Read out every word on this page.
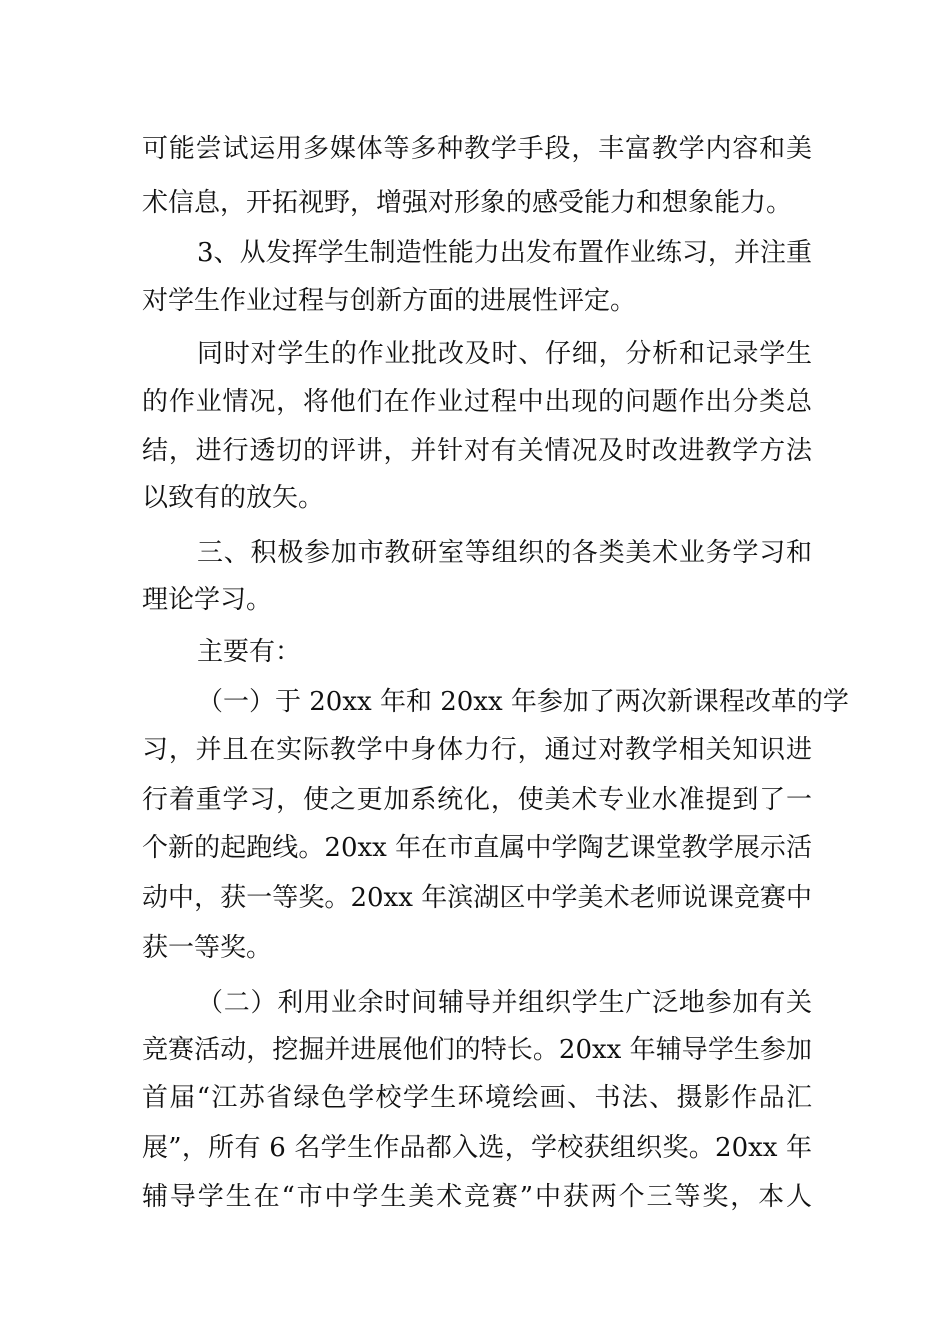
可能尝试运用多媒体等多种教学手段，丰富教学内容和美

术信息，开拓视野，增强对形象的感受能力和想象能力。

3、从发挥学生制造性能力出发布置作业练习，并注重

对学生作业过程与创新方面的进展性评定。

同时对学生的作业批改及时、仔细，分析和记录学生

的作业情况，将他们在作业过程中出现的问题作出分类总

结，进行透切的评讲，并针对有关情况及时改进教学方法

以致有的放矢。

三、积极参加市教研室等组织的各类美术业务学习和

理论学习。

主要有：

（一）于 20xx 年和 20xx 年参加了两次新课程改革的学

习，并且在实际教学中身体力行，通过对教学相关知识进

行着重学习，使之更加系统化，使美术专业水准提到了一

个新的起跑线。20xx 年在市直属中学陶艺课堂教学展示活

动中，获一等奖。20xx 年滨湖区中学美术老师说课竞赛中

获一等奖。

（二）利用业余时间辅导并组织学生广泛地参加有关

竞赛活动，挖掘并进展他们的特长。20xx 年辅导学生参加

首届“江苏省绿色学校学生环境绘画、书法、摄影作品汇

展”，所有 6 名学生作品都入选，学校获组织奖。20xx 年

辅导学生在“市中学生美术竞赛”中获两个三等奖，本人
